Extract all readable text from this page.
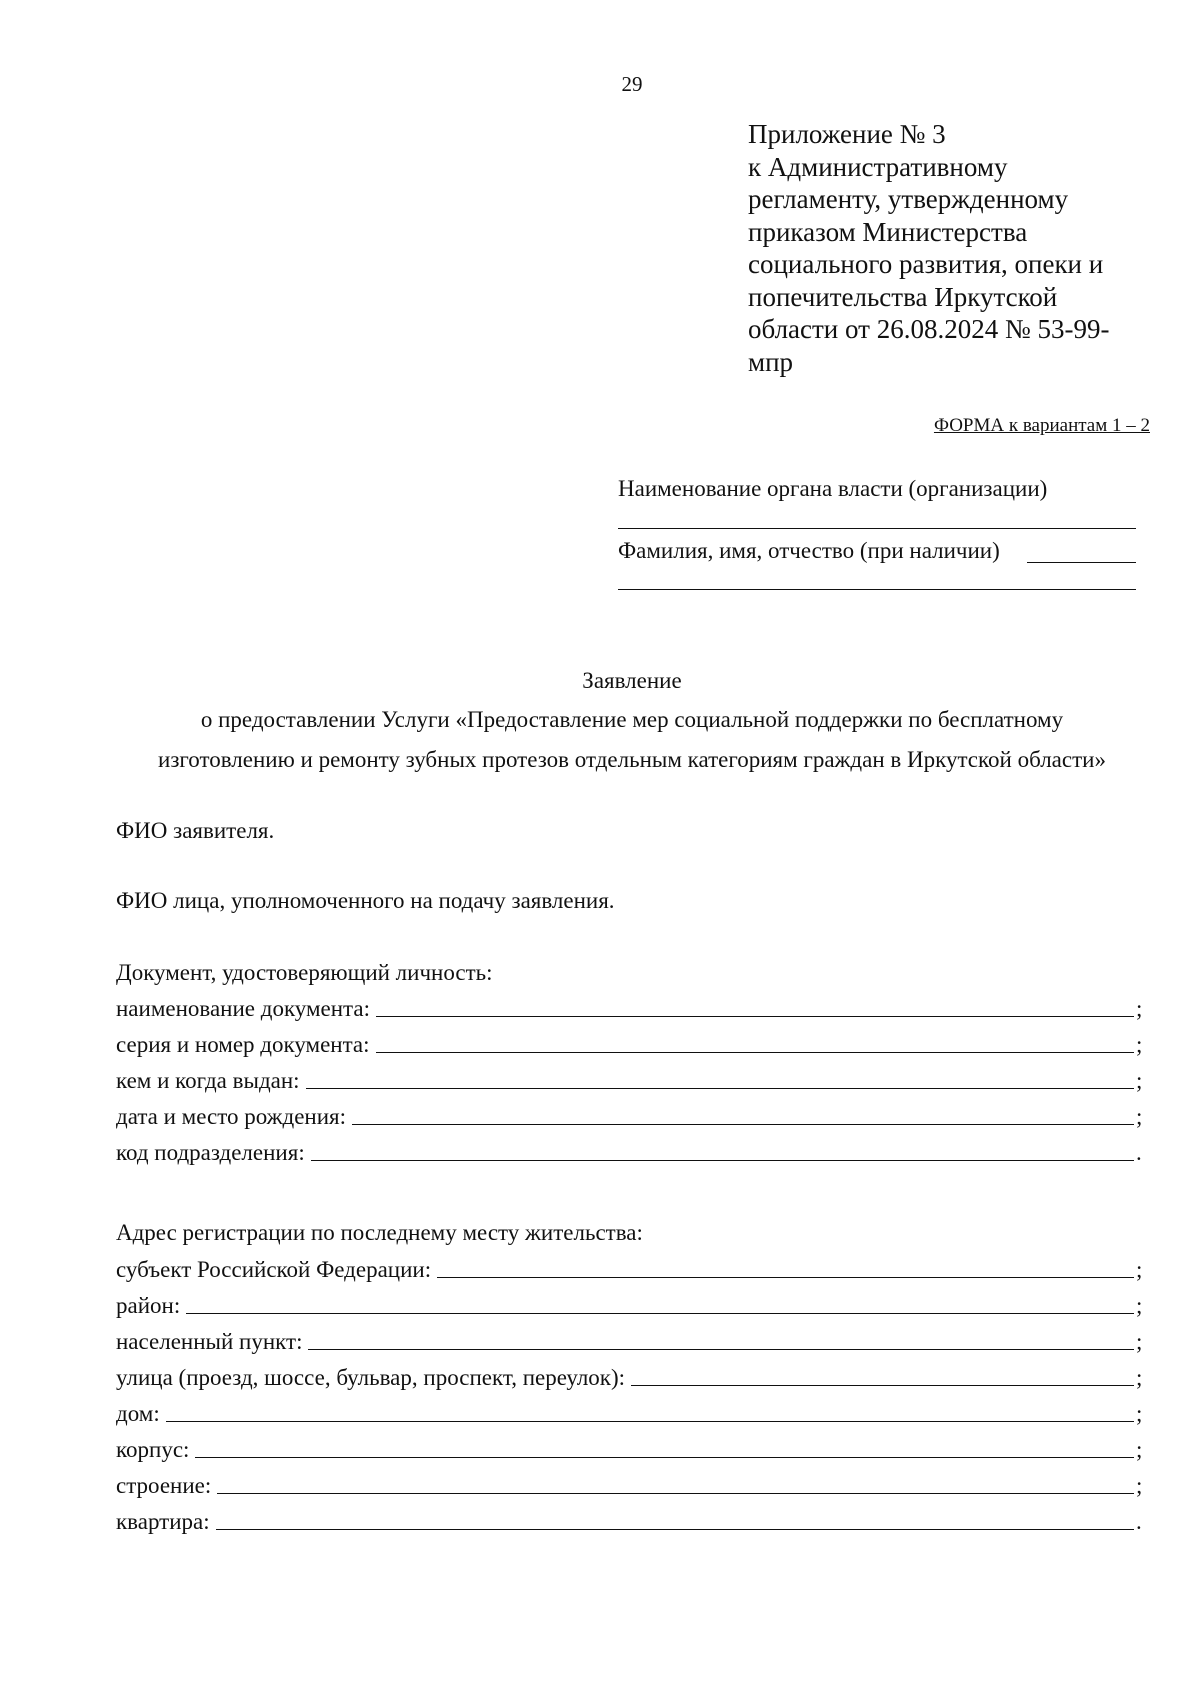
29
Приложение № 3
к Административному
регламенту, утвержденному
приказом Министерства
социального развития, опеки и
попечительства Иркутской
области от 26.08.2024 № 53-99-
мпр
ФОРМА к вариантам 1 – 2
Наименование органа власти (организации)
Фамилия, имя, отчество (при наличии)
Заявление
о предоставлении Услуги «Предоставление мер социальной поддержки по бесплатному
изготовлению и ремонту зубных протезов отдельным категориям граждан в Иркутской области»
ФИО заявителя.
ФИО лица, уполномоченного на подачу заявления.
Документ, удостоверяющий личность:
наименование документа:	;
серия и номер документа:	;
кем и когда выдан:	;
дата и место рождения:	;
код подразделения:	.
Адрес регистрации по последнему месту жительства:
субъект Российской Федерации:	;
район:	;
населенный пункт:	;
улица (проезд, шоссе, бульвар, проспект, переулок):	;
дом:	;
корпус:	;
строение:	;
квартира:	.
